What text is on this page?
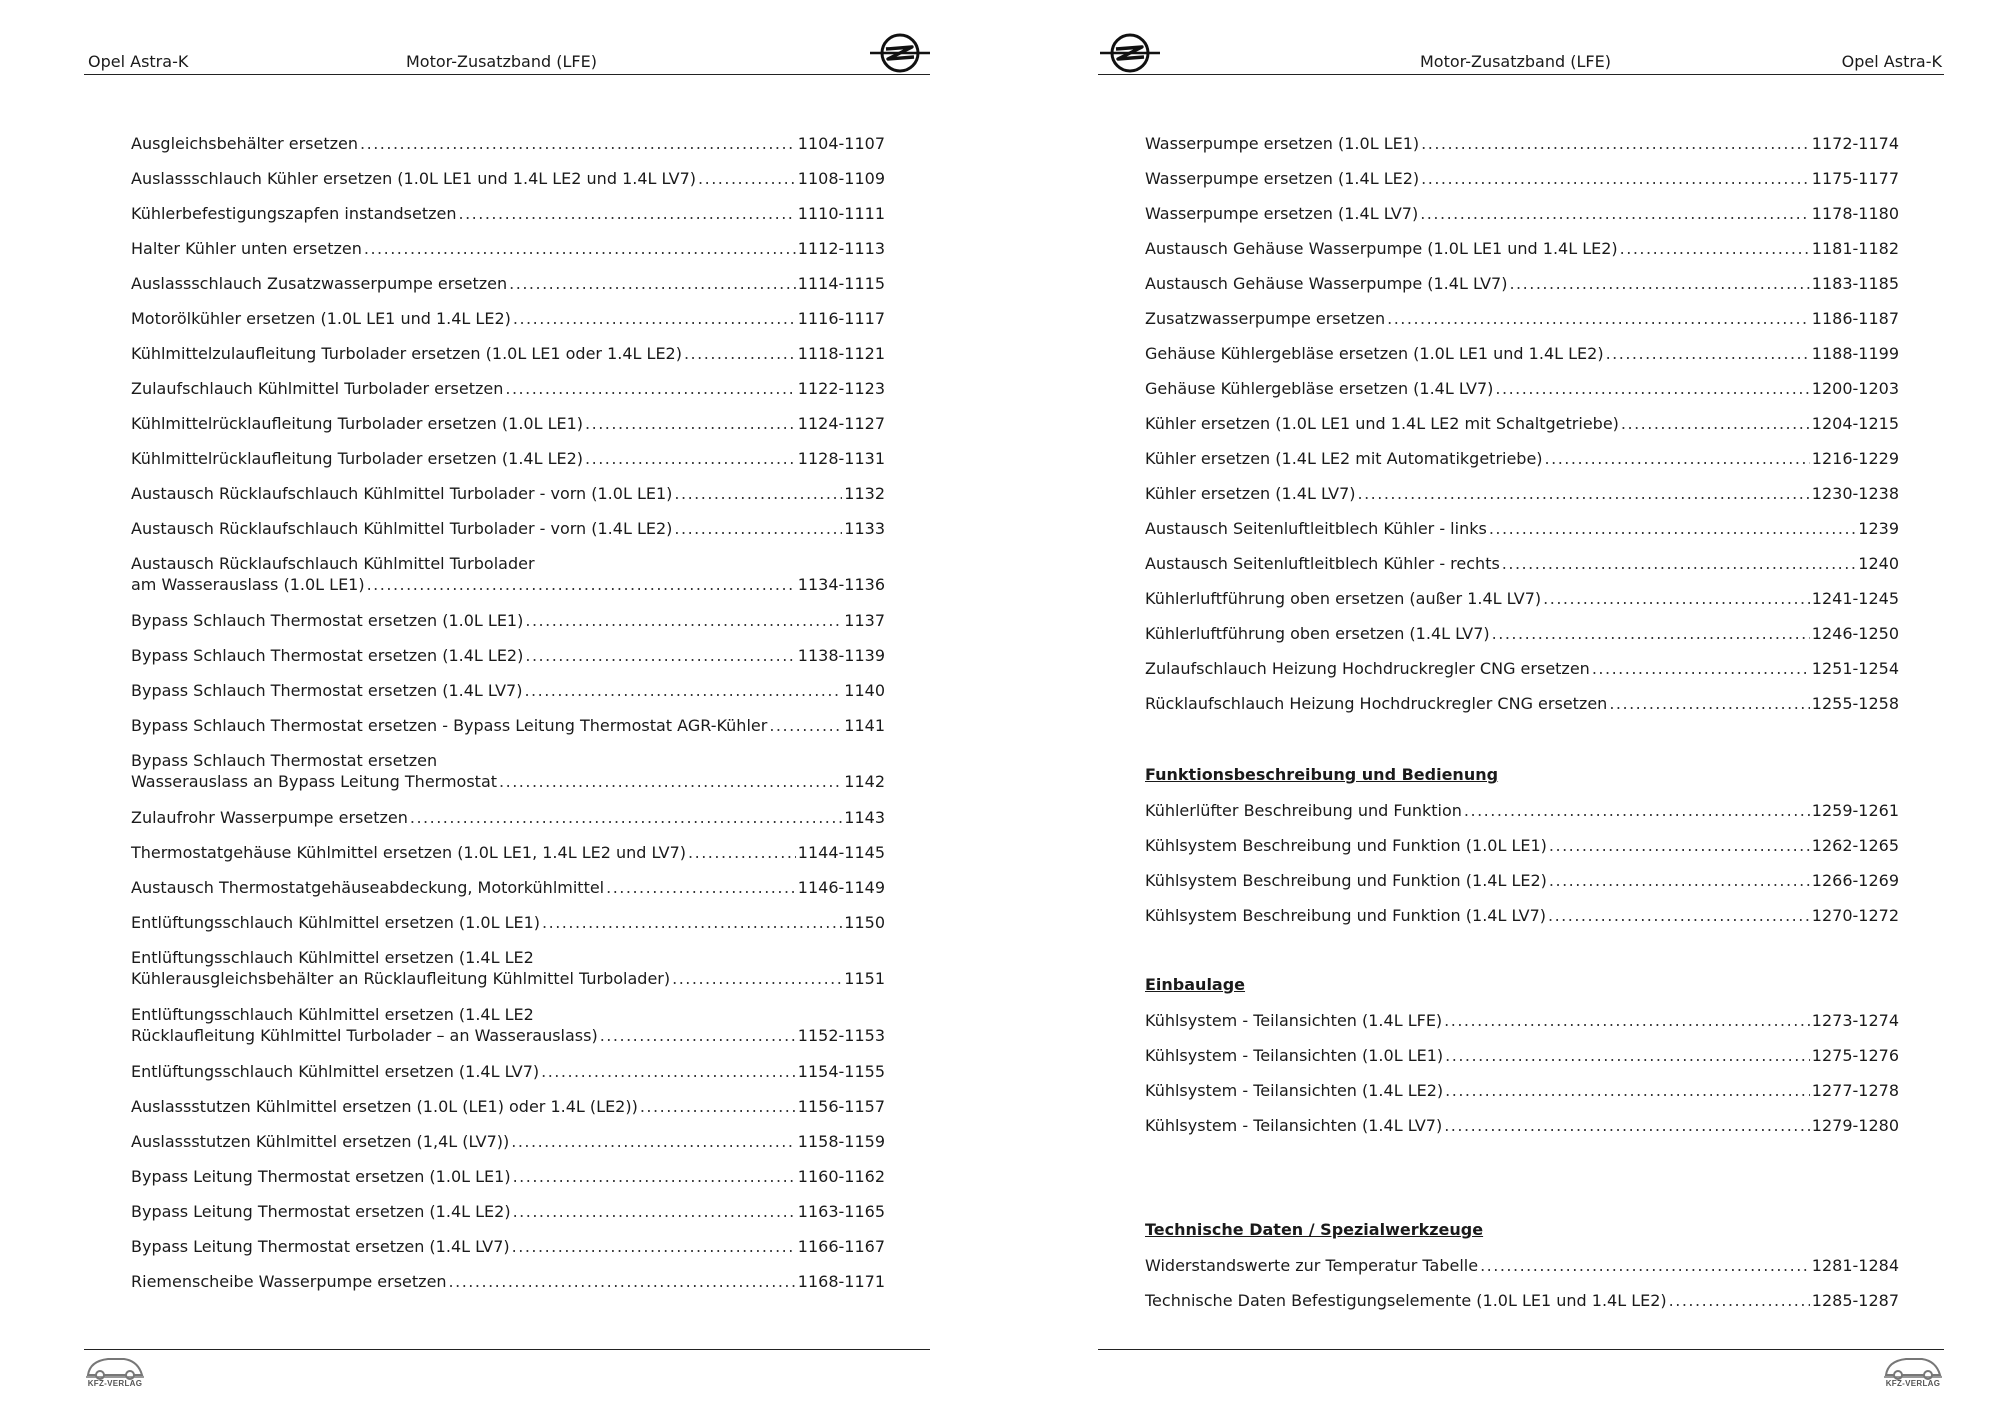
Opel Astra-K	Motor-Zusatzband (LFE)
Ausgleichsbehälter ersetzen .....	1104-1107
Auslassschlauch Kühler ersetzen (1.0L LE1 und 1.4L LE2 und 1.4L LV7) .....	1108-1109
Kühlerbefestigungszapfen instandsetzen .....	1110-1111
Halter Kühler unten ersetzen .....	1112-1113
Auslassschlauch Zusatzwasserpumpe ersetzen .....	1114-1115
Motorölkühler ersetzen (1.0L LE1 und 1.4L LE2) .....	1116-1117
Kühlmittelzulaufleitung Turbolader ersetzen (1.0L LE1 oder 1.4L LE2) .....	1118-1121
Zulaufschlauch Kühlmittel Turbolader ersetzen .....	1122-1123
Kühlmittelrücklaufleitung Turbolader ersetzen (1.0L LE1) .....	1124-1127
Kühlmittelrücklaufleitung Turbolader ersetzen (1.4L LE2) .....	1128-1131
Austausch Rücklaufschlauch Kühlmittel Turbolader - vorn (1.0L LE1) .....	1132
Austausch Rücklaufschlauch Kühlmittel Turbolader - vorn (1.4L LE2) .....	1133
Austausch Rücklaufschlauch Kühlmittel Turbolader
am Wasserauslass (1.0L LE1) .....	1134-1136
Bypass Schlauch Thermostat ersetzen (1.0L LE1) .....	1137
Bypass Schlauch Thermostat ersetzen (1.4L LE2) .....	1138-1139
Bypass Schlauch Thermostat ersetzen (1.4L LV7) .....	1140
Bypass Schlauch Thermostat ersetzen - Bypass Leitung Thermostat AGR-Kühler .....	1141
Bypass Schlauch Thermostat ersetzen
Wasserauslass an Bypass Leitung Thermostat .....	1142
Zulaufrohr Wasserpumpe ersetzen .....	1143
Thermostatgehäuse Kühlmittel ersetzen (1.0L LE1, 1.4L LE2 und LV7) .....	1144-1145
Austausch Thermostatgehäuseabdeckung, Motorkühlmittel .....	1146-1149
Entlüftungsschlauch Kühlmittel ersetzen (1.0L LE1) .....	1150
Entlüftungsschlauch Kühlmittel ersetzen (1.4L LE2
Kühlerausgleichsbehälter an Rücklaufleitung Kühlmittel Turbolader) .....	1151
Entlüftungsschlauch Kühlmittel ersetzen (1.4L LE2
Rücklaufleitung Kühlmittel Turbolader – an Wasserauslass) .....	1152-1153
Entlüftungsschlauch Kühlmittel ersetzen (1.4L LV7) .....	1154-1155
Auslassstutzen Kühlmittel ersetzen (1.0L (LE1) oder 1.4L (LE2)) .....	1156-1157
Auslassstutzen Kühlmittel ersetzen (1,4L (LV7)) .....	1158-1159
Bypass Leitung Thermostat ersetzen (1.0L LE1) .....	1160-1162
Bypass Leitung Thermostat ersetzen (1.4L LE2) .....	1163-1165
Bypass Leitung Thermostat ersetzen (1.4L LV7) .....	1166-1167
Riemenscheibe Wasserpumpe ersetzen .....	1168-1171
KFZ-VERLAG
Motor-Zusatzband (LFE)	Opel Astra-K
Wasserpumpe ersetzen (1.0L LE1) .....	1172-1174
Wasserpumpe ersetzen (1.4L LE2) .....	1175-1177
Wasserpumpe ersetzen (1.4L LV7) .....	1178-1180
Austausch Gehäuse Wasserpumpe (1.0L LE1 und 1.4L LE2) .....	1181-1182
Austausch Gehäuse Wasserpumpe (1.4L LV7) .....	1183-1185
Zusatzwasserpumpe ersetzen .....	1186-1187
Gehäuse Kühlergebläse ersetzen (1.0L LE1 und 1.4L LE2) .....	1188-1199
Gehäuse Kühlergebläse ersetzen (1.4L LV7) .....	1200-1203
Kühler ersetzen (1.0L LE1 und 1.4L LE2 mit Schaltgetriebe) .....	1204-1215
Kühler ersetzen (1.4L LE2 mit Automatikgetriebe) .....	1216-1229
Kühler ersetzen (1.4L LV7) .....	1230-1238
Austausch Seitenluftleitblech Kühler - links .....	1239
Austausch Seitenluftleitblech Kühler - rechts .....	1240
Kühlerluftführung oben ersetzen (außer 1.4L LV7) .....	1241-1245
Kühlerluftführung oben ersetzen (1.4L LV7) .....	1246-1250
Zulaufschlauch Heizung Hochdruckregler CNG ersetzen .....	1251-1254
Rücklaufschlauch Heizung Hochdruckregler CNG ersetzen .....	1255-1258
Funktionsbeschreibung und Bedienung
Kühlerlüfter Beschreibung und Funktion .....	1259-1261
Kühlsystem Beschreibung und Funktion (1.0L LE1) .....	1262-1265
Kühlsystem Beschreibung und Funktion (1.4L LE2) .....	1266-1269
Kühlsystem Beschreibung und Funktion (1.4L LV7) .....	1270-1272
Einbaulage
Kühlsystem - Teilansichten (1.4L LFE) .....	1273-1274
Kühlsystem - Teilansichten (1.0L LE1) .....	1275-1276
Kühlsystem - Teilansichten (1.4L LE2) .....	1277-1278
Kühlsystem - Teilansichten (1.4L LV7) .....	1279-1280
Technische Daten / Spezialwerkzeuge
Widerstandswerte zur Temperatur Tabelle .....	1281-1284
Technische Daten Befestigungselemente (1.0L LE1 und 1.4L LE2) .....	1285-1287
KFZ-VERLAG
